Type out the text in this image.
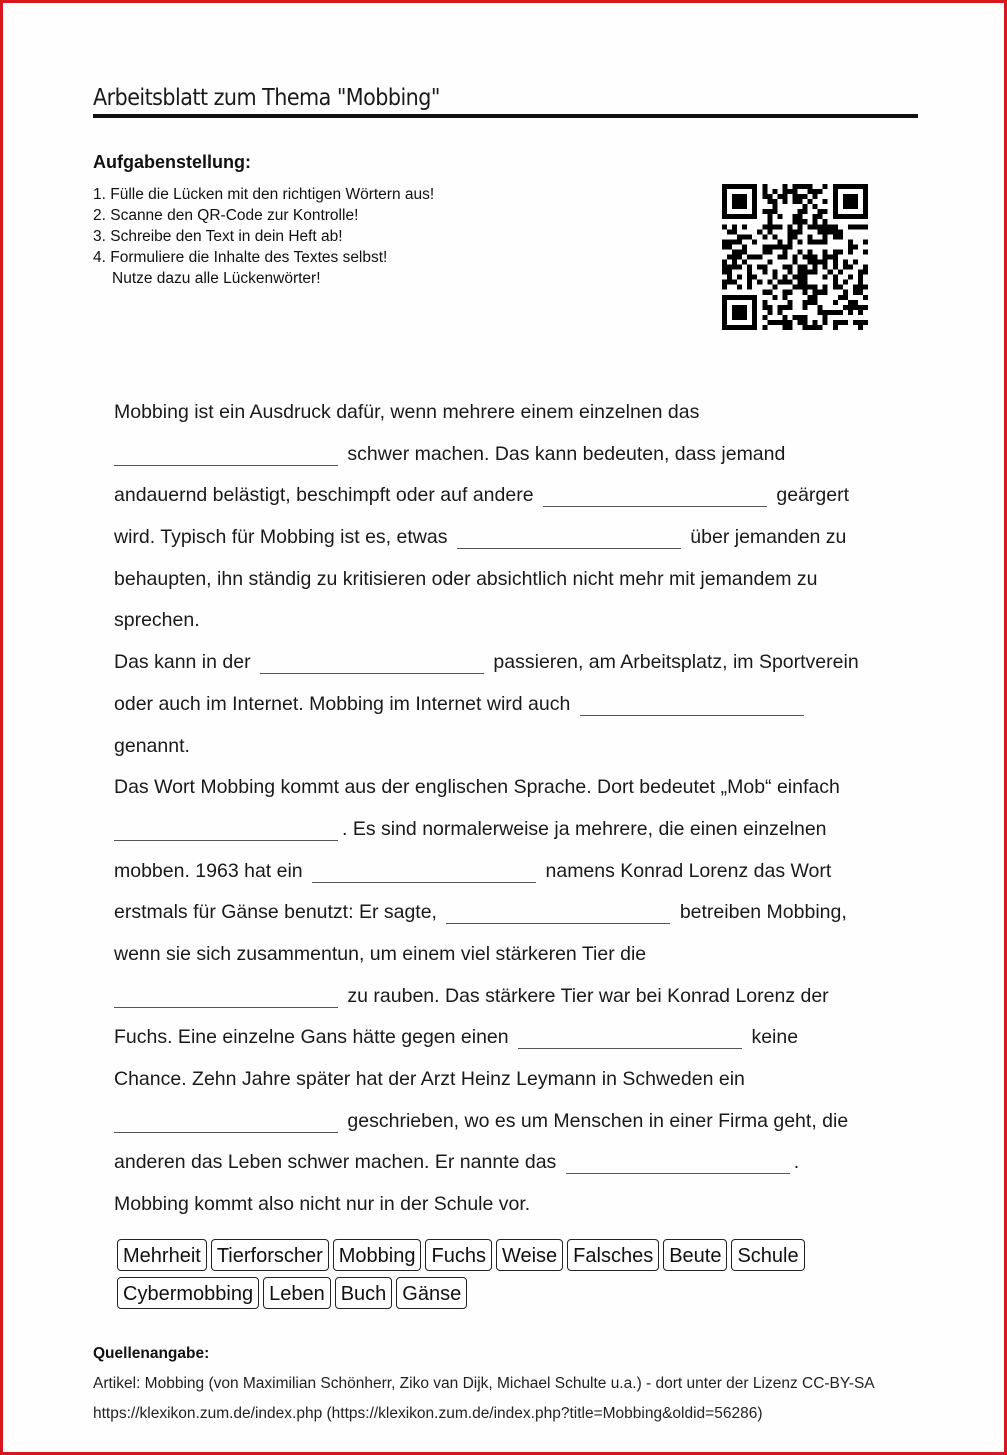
Arbeitsblatt zum Thema "Mobbing"
Aufgabenstellung:
1. Fülle die Lücken mit den richtigen Wörtern aus!
2. Scanne den QR-Code zur Kontrolle!
3. Schreibe den Text in dein Heft ab!
4. Formuliere die Inhalte des Textes selbst!
Nutze dazu alle Lückenwörter!
Mobbing ist ein Ausdruck dafür, wenn mehrere einem einzelnen das
schwer machen. Das kann bedeuten, dass jemand
andauernd belästigt, beschimpft oder auf andere	geärgert
wird. Typisch für Mobbing ist es, etwas	über jemanden zu
behaupten, ihn ständig zu kritisieren oder absichtlich nicht mehr mit jemandem zu
sprechen.
Das kann in der	passieren, am Arbeitsplatz, im Sportverein
oder auch im Internet. Mobbing im Internet wird auch
genannt.
Das Wort Mobbing kommt aus der englischen Sprache. Dort bedeutet „Mob“ einfach
. Es sind normalerweise ja mehrere, die einen einzelnen
mobben. 1963 hat ein	namens Konrad Lorenz das Wort
erstmals für Gänse benutzt: Er sagte,	betreiben Mobbing,
wenn sie sich zusammentun, um einem viel stärkeren Tier die
zu rauben. Das stärkere Tier war bei Konrad Lorenz der
Fuchs. Eine einzelne Gans hätte gegen einen	keine
Chance. Zehn Jahre später hat der Arzt Heinz Leymann in Schweden ein
geschrieben, wo es um Menschen in einer Firma geht, die
anderen das Leben schwer machen. Er nannte das	.
Mobbing kommt also nicht nur in der Schule vor.
Mehrheit Tierforscher Mobbing Fuchs Weise Falsches Beute Schule
Cybermobbing Leben Buch Gänse
Quellenangabe:
Artikel: Mobbing (von Maximilian Schönherr, Ziko van Dijk, Michael Schulte u.a.) - dort unter der Lizenz CC-BY-SA
https://klexikon.zum.de/index.php (https://klexikon.zum.de/index.php?title=Mobbing&oldid=56286)
